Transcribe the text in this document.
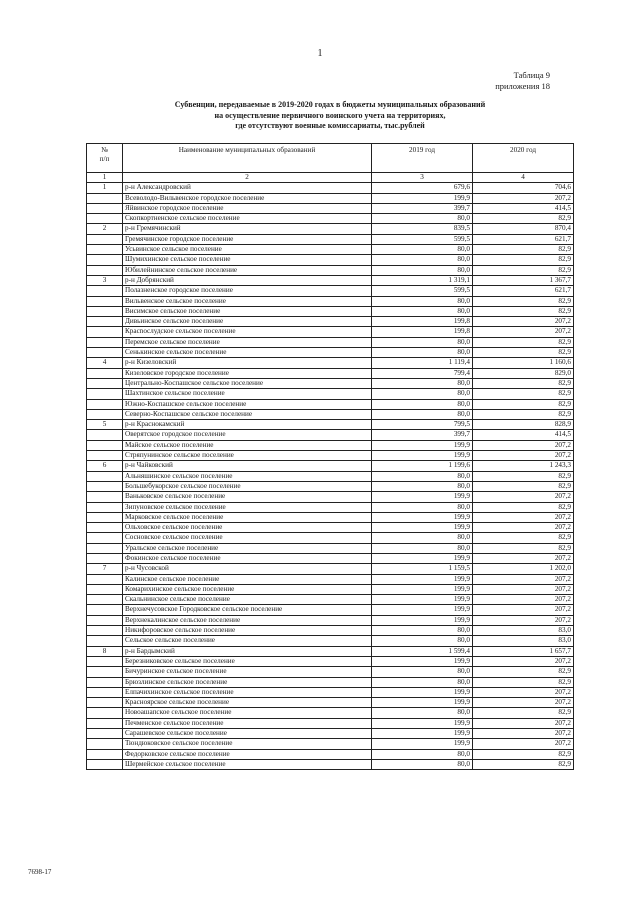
1
Таблица 9
приложения 18
Субвенции, передаваемые в 2019-2020 годах в бюджеты муниципальных образований
на осуществление первичного воинского учета на территориях,
где отсутствуют военные комиссариаты, тыс.рублей
№
п/п	Наименование муниципальных образований	2019 год	2020 год
1	2	3	4
1	р-н Александровский	679,6	704,6
	Всеволодо-Вильвенское городское поселение	199,9	207,2
	Яйвинское городское поселение	399,7	414,5
	Скопкортненское сельское поселение	80,0	82,9
2	р-н Гремячинский	839,5	870,4
	Гремячинское городское поселение	599,5	621,7
	Усьвинское сельское поселение	80,0	82,9
	Шумихинское сельское поселение	80,0	82,9
	Юбилейнинское сельское поселение	80,0	82,9
3	р-н Добрянский	1 319,1	1 367,7
	Полазненское городское поселение	599,5	621,7
	Вильвенское сельское поселение	80,0	82,9
	Висимское сельское поселение	80,0	82,9
	Дивьинское сельское поселение	199,8	207,2
	Красnoслудское сельское поселение	199,8	207,2
	Перемское сельское поселение	80,0	82,9
	Сенькинское сельское поселение	80,0	82,9
4	р-н Кизеловский	1 119,4	1 160,6
	Кизеловское городское поселение	799,4	829,0
	Центрально-Коспашское сельское поселение	80,0	82,9
	Шахтинское сельское поселение	80,0	82,9
	Южно-Коспашское сельское поселение	80,0	82,9
	Северно-Коспашское сельское поселение	80,0	82,9
5	р-н Краснокамский	799,5	828,9
	Оверятское городское поселение	399,7	414,5
	Майское сельское поселение	199,9	207,2
	Стряпунинское сельское поселение	199,9	207,2
6	р-н Чайковский	1 199,6	1 243,3
	Альняшинское сельское поселение	80,0	82,9
	Большебукорское сельское поселение	80,0	82,9
	Ваньковское сельское поселение	199,9	207,2
	Зипуновское сельское поселение	80,0	82,9
	Марковское сельское поселение	199,9	207,2
	Ольховское сельское поселение	199,9	207,2
	Сосновское сельское поселение	80,0	82,9
	Уральское сельское поселение	80,0	82,9
	Фокинское сельское поселение	199,9	207,2
7	р-н Чусовской	1 159,5	1 202,0
	Калинское сельское поселение	199,9	207,2
	Комарихинское сельское поселение	199,9	207,2
	Скальнинское сельское поселение	199,9	207,2
	Верхнечусовское Городковское сельское поселение	199,9	207,2
	Верхнекалинское сельское поселение	199,9	207,2
	Никифоровское сельское поселение	80,0	83,0
	Сельское сельское поселение	80,0	83,0
8	р-н Бардымский	1 599,4	1 657,7
	Березниковское сельское поселение	199,9	207,2
	Бичуринское сельское поселение	80,0	82,9
	Брюзлинское сельское поселение	80,0	82,9
	Елпачихинское сельское поселение	199,9	207,2
	Красноярское сельское поселение	199,9	207,2
	Новоашапское сельское поселение	80,0	82,9
	Печменское сельское поселение	199,9	207,2
	Сарашевское сельское поселение	199,9	207,2
	Тюндюковское сельское поселение	199,9	207,2
	Федорковское сельское поселение	80,0	82,9
	Шермейское сельское поселение	80,0	82,9
7698-17
